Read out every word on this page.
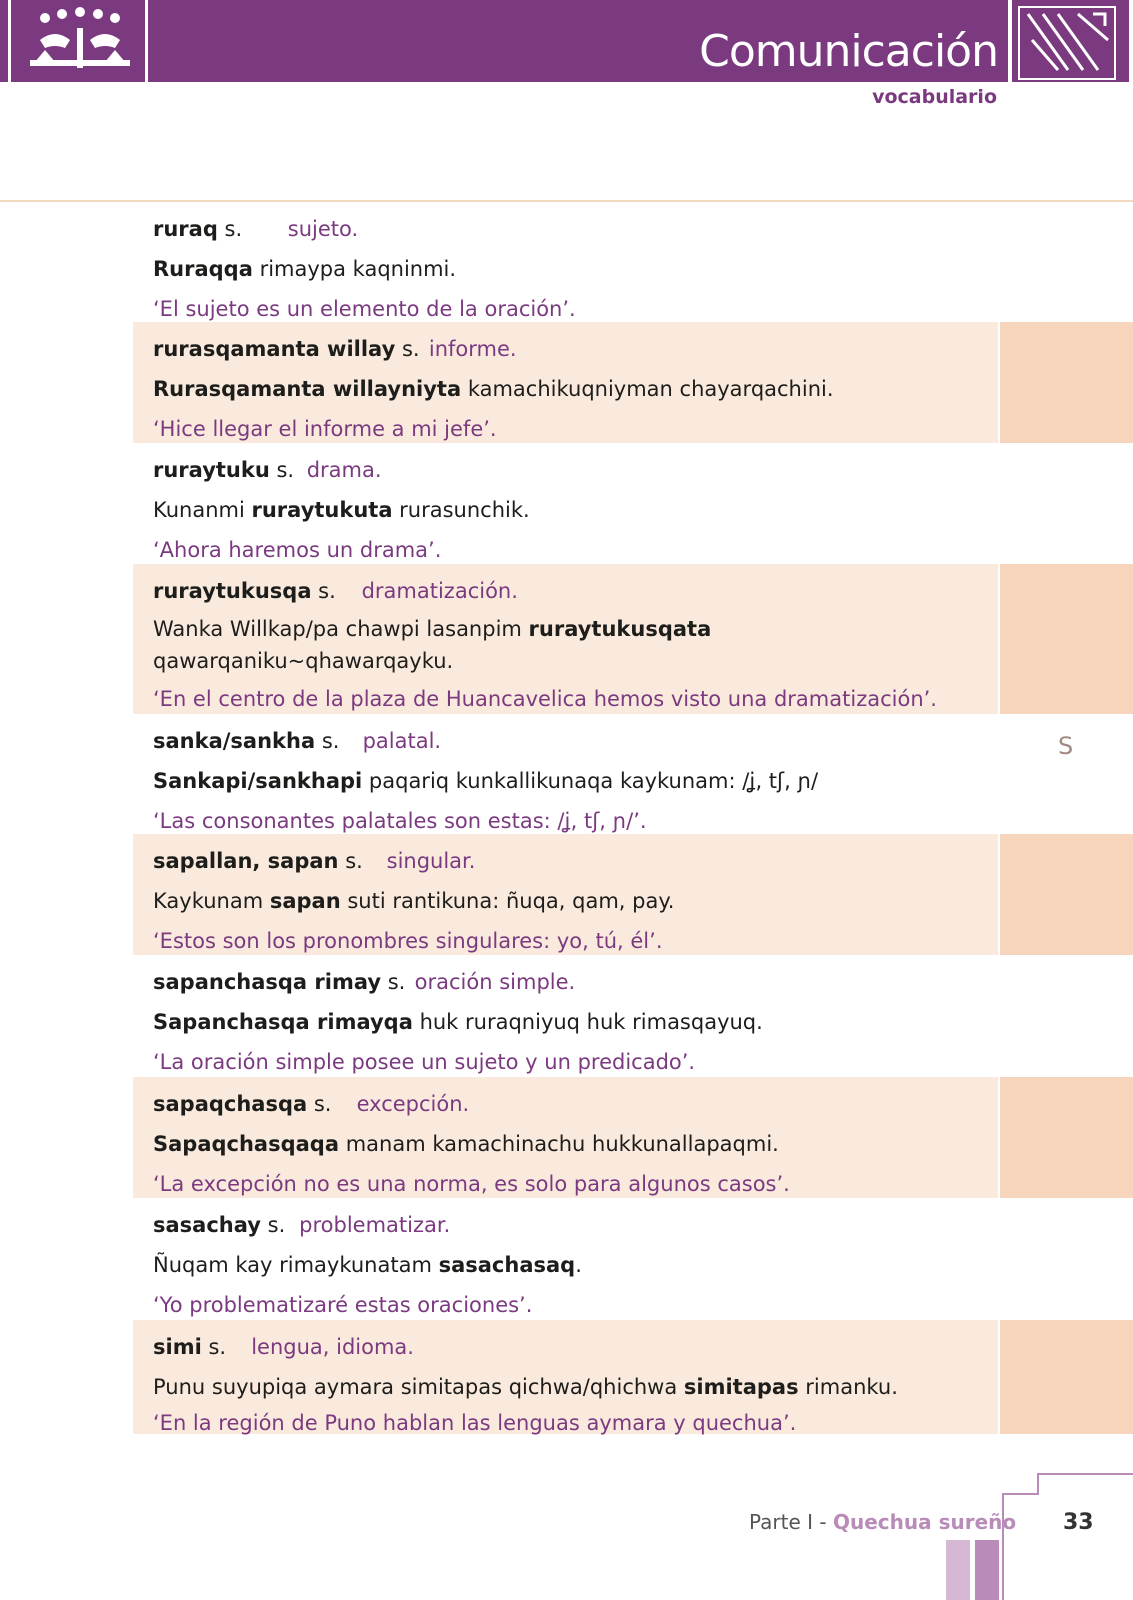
Comunicación
vocabulario
S
ruraq s. sujeto.
Ruraqqa rimaypa kaqninmi.
‘El sujeto es un elemento de la oración’.
rurasqamanta willay s. informe.
Rurasqamanta willayniyta kamachikuqniyman chayarqachini.
‘Hice llegar el informe a mi jefe’.
ruraytuku s. drama.
Kunanmi ruraytukuta rurasunchik.
‘Ahora haremos un drama’.
ruraytukusqa s. dramatización.
Wanka Willkap/pa chawpi lasanpim ruraytukusqata
qawarqaniku~qhawarqayku.
‘En el centro de la plaza de Huancavelica hemos visto una dramatización’.
sanka/sankha s. palatal.
Sankapi/sankhapi paqariq kunkallikunaqa kaykunam: /ʝ, tʃ, ɲ/
‘Las consonantes palatales son estas: /ʝ, tʃ, ɲ/’.
sapallan, sapan s. singular.
Kaykunam sapan suti rantikuna: ñuqa, qam, pay.
‘Estos son los pronombres singulares: yo, tú, él’.
sapanchasqa rimay s. oración simple.
Sapanchasqa rimayqa huk ruraqniyuq huk rimasqayuq.
‘La oración simple posee un sujeto y un predicado’.
sapaqchasqa s. excepción.
Sapaqchasqaqa manam kamachinachu hukkunallapaqmi.
‘La excepción no es una norma, es solo para algunos casos’.
sasachay s. problematizar.
Ñuqam kay rimaykunatam sasachasaq.
‘Yo problematizaré estas oraciones’.
simi s. lengua, idioma.
Punu suyupiqa aymara simitapas qichwa/qhichwa simitapas rimanku.
‘En la región de Puno hablan las lenguas aymara y quechua’.
Parte I - Quechua sureño 33
